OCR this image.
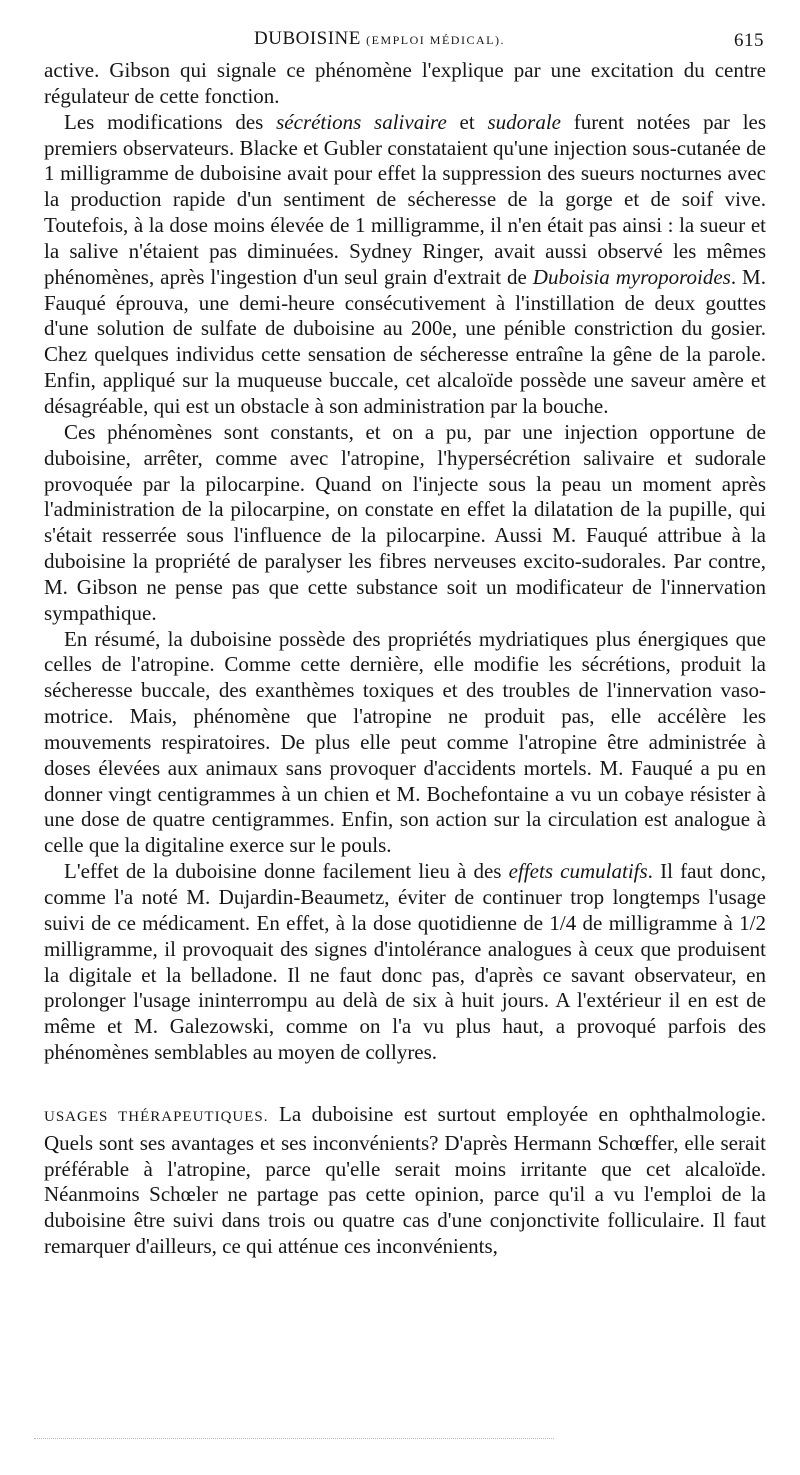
DUBOISINE (EMPLOI MÉDICAL).	615

active. Gibson qui signale ce phénomène l'explique par une excitation du centre régulateur de cette fonction.

Les modifications des sécrétions salivaire et sudorale furent notées par les premiers observateurs. Blacke et Gubler constataient qu'une injection sous-cutanée de 1 milligramme de duboisine avait pour effet la suppression des sueurs nocturnes avec la production rapide d'un sentiment de sécheresse de la gorge et de soif vive. Toutefois, à la dose moins élevée de 1 milligramme, il n'en était pas ainsi : la sueur et la salive n'étaient pas diminuées. Sydney Ringer, avait aussi observé les mêmes phénomènes, après l'ingestion d'un seul grain d'extrait de Duboisia myroporoides. M. Fauqué éprouva, une demi-heure consécutivement à l'instillation de deux gouttes d'une solution de sulfate de duboisine au 200e, une pénible constriction du gosier. Chez quelques individus cette sensation de sécheresse entraîne la gêne de la parole. Enfin, appliqué sur la muqueuse buccale, cet alcaloïde possède une saveur amère et désagréable, qui est un obstacle à son administration par la bouche.

Ces phénomènes sont constants, et on a pu, par une injection opportune de duboisine, arrêter, comme avec l'atropine, l'hypersécrétion salivaire et sudorale provoquée par la pilocarpine. Quand on l'injecte sous la peau un moment après l'administration de la pilocarpine, on constate en effet la dilatation de la pupille, qui s'était resserrée sous l'influence de la pilocarpine. Aussi M. Fauqué attribue à la duboisine la propriété de paralyser les fibres nerveuses excito-sudorales. Par contre, M. Gibson ne pense pas que cette substance soit un modificateur de l'innervation sympathique.

En résumé, la duboisine possède des propriétés mydriatiques plus énergiques que celles de l'atropine. Comme cette dernière, elle modifie les sécrétions, produit la sécheresse buccale, des exanthèmes toxiques et des troubles de l'innervation vaso-motrice. Mais, phénomène que l'atropine ne produit pas, elle accélère les mouvements respiratoires. De plus elle peut comme l'atropine être administrée à doses élevées aux animaux sans provoquer d'accidents mortels. M. Fauqué a pu en donner vingt centigrammes à un chien et M. Bochefontaine a vu un cobaye résister à une dose de quatre centigrammes. Enfin, son action sur la circulation est analogue à celle que la digitaline exerce sur le pouls.

L'effet de la duboisine donne facilement lieu à des effets cumulatifs. Il faut donc, comme l'a noté M. Dujardin-Beaumetz, éviter de continuer trop longtemps l'usage suivi de ce médicament. En effet, à la dose quotidienne de 1/4 de milligramme à 1/2 milligramme, il provoquait des signes d'intolérance analogues à ceux que produisent la digitale et la belladone. Il ne faut donc pas, d'après ce savant observateur, en prolonger l'usage ininterrompu au delà de six à huit jours. A l'extérieur il en est de même et M. Galezowski, comme on l'a vu plus haut, a provoqué parfois des phénomènes semblables au moyen de collyres.

USAGES THÉRAPEUTIQUES. La duboisine est surtout employée en ophthalmologie. Quels sont ses avantages et ses inconvénients? D'après Hermann Schœffer, elle serait préférable à l'atropine, parce qu'elle serait moins irritante que cet alcaloïde. Néanmoins Schœler ne partage pas cette opinion, parce qu'il a vu l'emploi de la duboisine être suivi dans trois ou quatre cas d'une conjonctivite folliculaire. Il faut remarquer d'ailleurs, ce qui atténue ces inconvénients,
